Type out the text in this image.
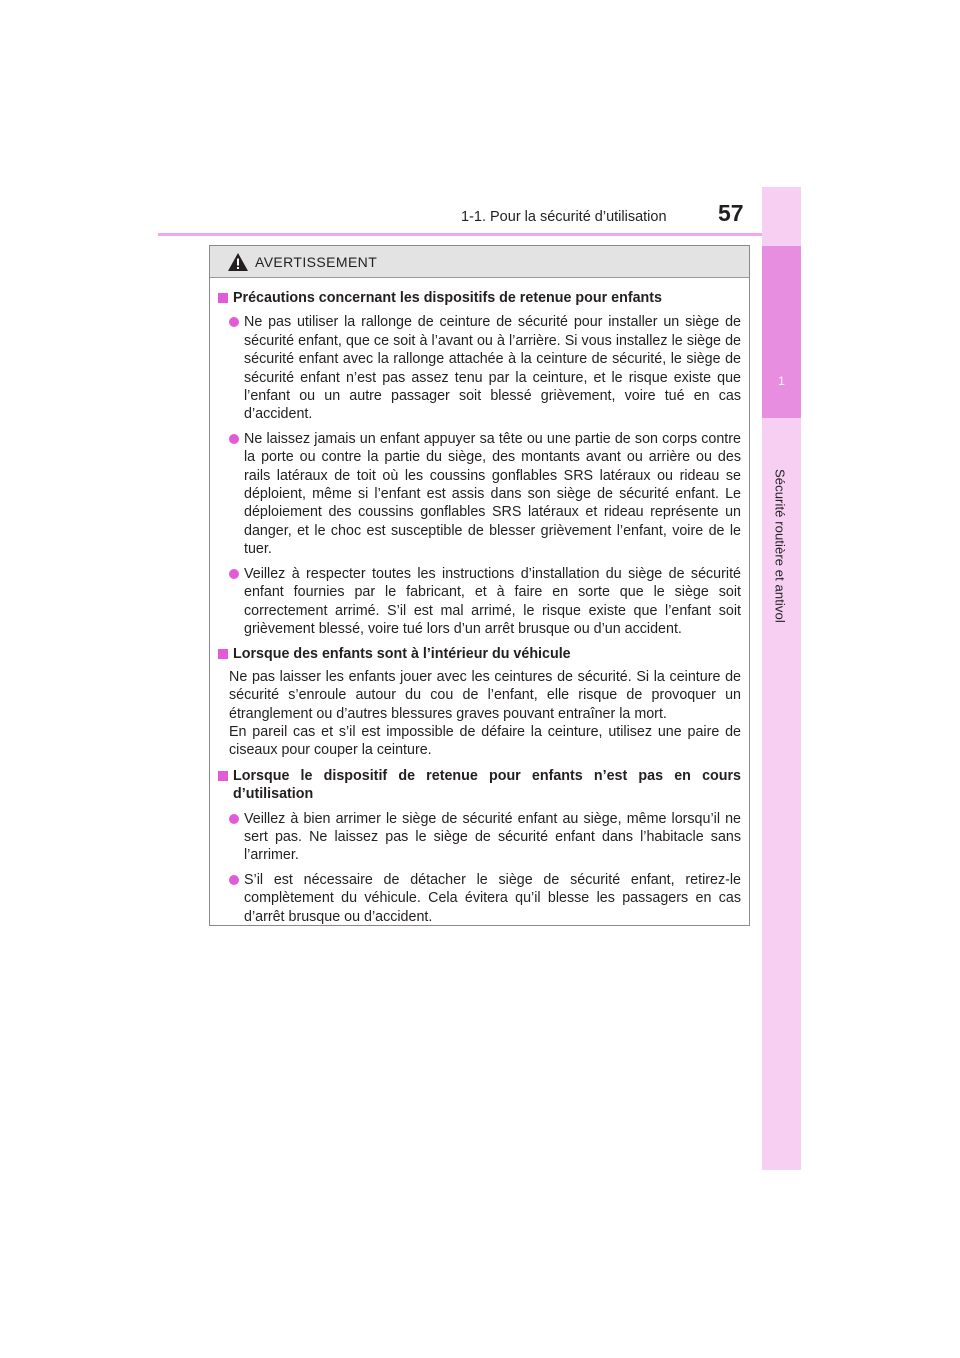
1-1. Pour la sécurité d’utilisation 57
1
Sécurité routière et antivol
AVERTISSEMENT
Précautions concernant les dispositifs de retenue pour enfants
Ne pas utiliser la rallonge de ceinture de sécurité pour installer un siège de sécurité enfant, que ce soit à l’avant ou à l’arrière. Si vous installez le siège de sécurité enfant avec la rallonge attachée à la ceinture de sécurité, le siège de sécurité enfant n’est pas assez tenu par la ceinture, et le risque existe que l’enfant ou un autre passager soit blessé grièvement, voire tué en cas d’accident.
Ne laissez jamais un enfant appuyer sa tête ou une partie de son corps contre la porte ou contre la partie du siège, des montants avant ou arrière ou des rails latéraux de toit où les coussins gonflables SRS latéraux ou rideau se déploient, même si l’enfant est assis dans son siège de sécurité enfant. Le déploiement des coussins gonflables SRS latéraux et rideau représente un danger, et le choc est susceptible de blesser grièvement l’enfant, voire de le tuer.
Veillez à respecter toutes les instructions d’installation du siège de sécurité enfant fournies par le fabricant, et à faire en sorte que le siège soit correctement arrimé. S’il est mal arrimé, le risque existe que l’enfant soit grièvement blessé, voire tué lors d’un arrêt brusque ou d’un accident.
Lorsque des enfants sont à l’intérieur du véhicule
Ne pas laisser les enfants jouer avec les ceintures de sécurité. Si la ceinture de sécurité s’enroule autour du cou de l’enfant, elle risque de provoquer un étranglement ou d’autres blessures graves pouvant entraîner la mort.
En pareil cas et s’il est impossible de défaire la ceinture, utilisez une paire de ciseaux pour couper la ceinture.
Lorsque le dispositif de retenue pour enfants n’est pas en cours d’utilisation
Veillez à bien arrimer le siège de sécurité enfant au siège, même lorsqu’il ne sert pas. Ne laissez pas le siège de sécurité enfant dans l’habitacle sans l’arrimer.
S’il est nécessaire de détacher le siège de sécurité enfant, retirez-le complètement du véhicule. Cela évitera qu’il blesse les passagers en cas d’arrêt brusque ou d’accident.
